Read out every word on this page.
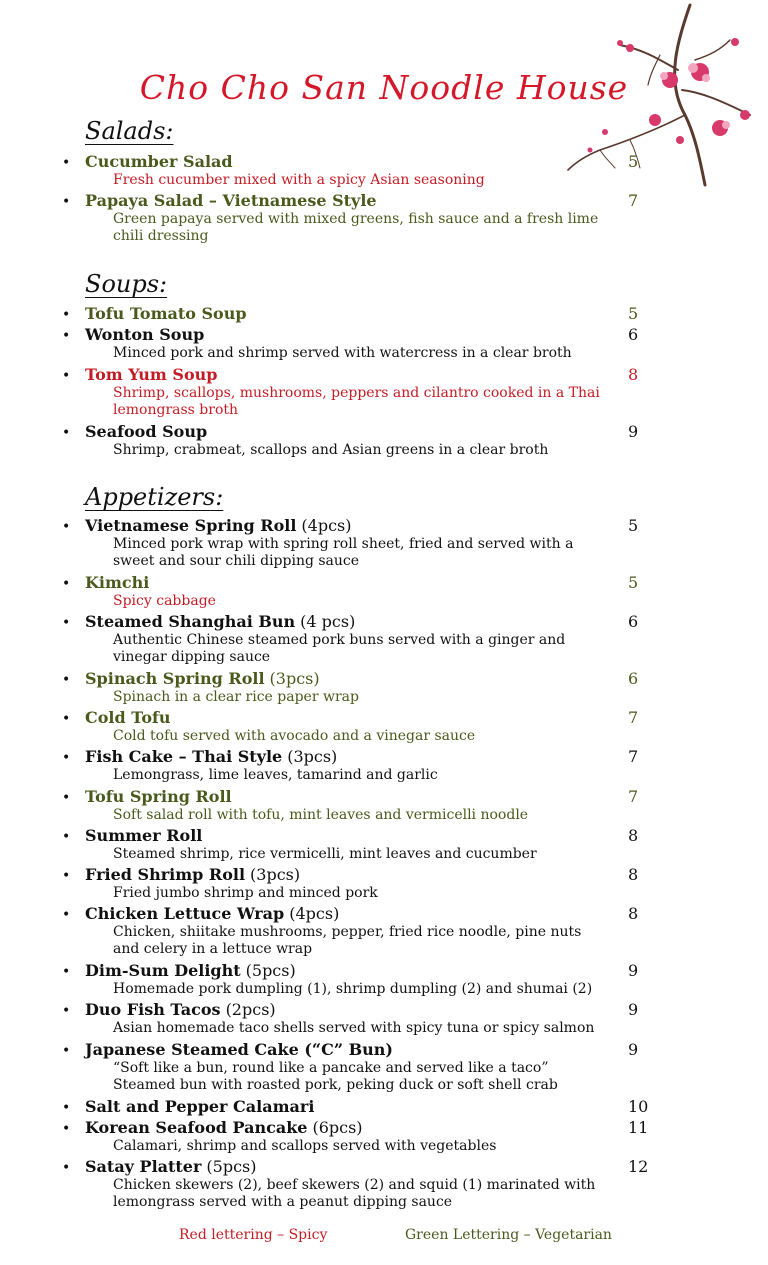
Cho Cho San Noodle House
Salads:
Soups:
Appetizers:
• Cucumber Salad	5
Fresh cucumber mixed with a spicy Asian seasoning
• Papaya Salad – Vietnamese Style	7
Green papaya served with mixed greens, fish sauce and a fresh lime chili dressing
• Tofu Tomato Soup	5
• Wonton Soup	6
Minced pork and shrimp served with watercress in a clear broth
• Tom Yum Soup	8
Shrimp, scallops, mushrooms, peppers and cilantro cooked in a Thai lemongrass broth
• Seafood Soup	9
Shrimp, crabmeat, scallops and Asian greens in a clear broth
• Vietnamese Spring Roll (4pcs)	5
Minced pork wrap with spring roll sheet, fried and served with a sweet and sour chili dipping sauce
• Kimchi	5
Spicy cabbage
• Steamed Shanghai Bun (4 pcs)	6
Authentic Chinese steamed pork buns served with a ginger and vinegar dipping sauce
• Spinach Spring Roll (3pcs)	6
Spinach in a clear rice paper wrap
• Cold Tofu	7
Cold tofu served with avocado and a vinegar sauce
• Fish Cake – Thai Style (3pcs)	7
Lemongrass, lime leaves, tamarind and garlic
• Tofu Spring Roll	7
Soft salad roll with tofu, mint leaves and vermicelli noodle
• Summer Roll	8
Steamed shrimp, rice vermicelli, mint leaves and cucumber
• Fried Shrimp Roll (3pcs)	8
Fried jumbo shrimp and minced pork
• Chicken Lettuce Wrap (4pcs)	8
Chicken, shiitake mushrooms, pepper, fried rice noodle, pine nuts and celery in a lettuce wrap
• Dim-Sum Delight (5pcs)	9
Homemade pork dumpling (1), shrimp dumpling (2) and shumai (2)
• Duo Fish Tacos (2pcs)	9
Asian homemade taco shells served with spicy tuna or spicy salmon
• Japanese Steamed Cake (“C” Bun)	9
“Soft like a bun, round like a pancake and served like a taco” Steamed bun with roasted pork, peking duck or soft shell crab
• Salt and Pepper Calamari	10
• Korean Seafood Pancake (6pcs)	11
Calamari, shrimp and scallops served with vegetables
• Satay Platter (5pcs)	12
Chicken skewers (2), beef skewers (2) and squid (1) marinated with lemongrass served with a peanut dipping sauce
Red lettering – Spicy	Green Lettering – Vegetarian
